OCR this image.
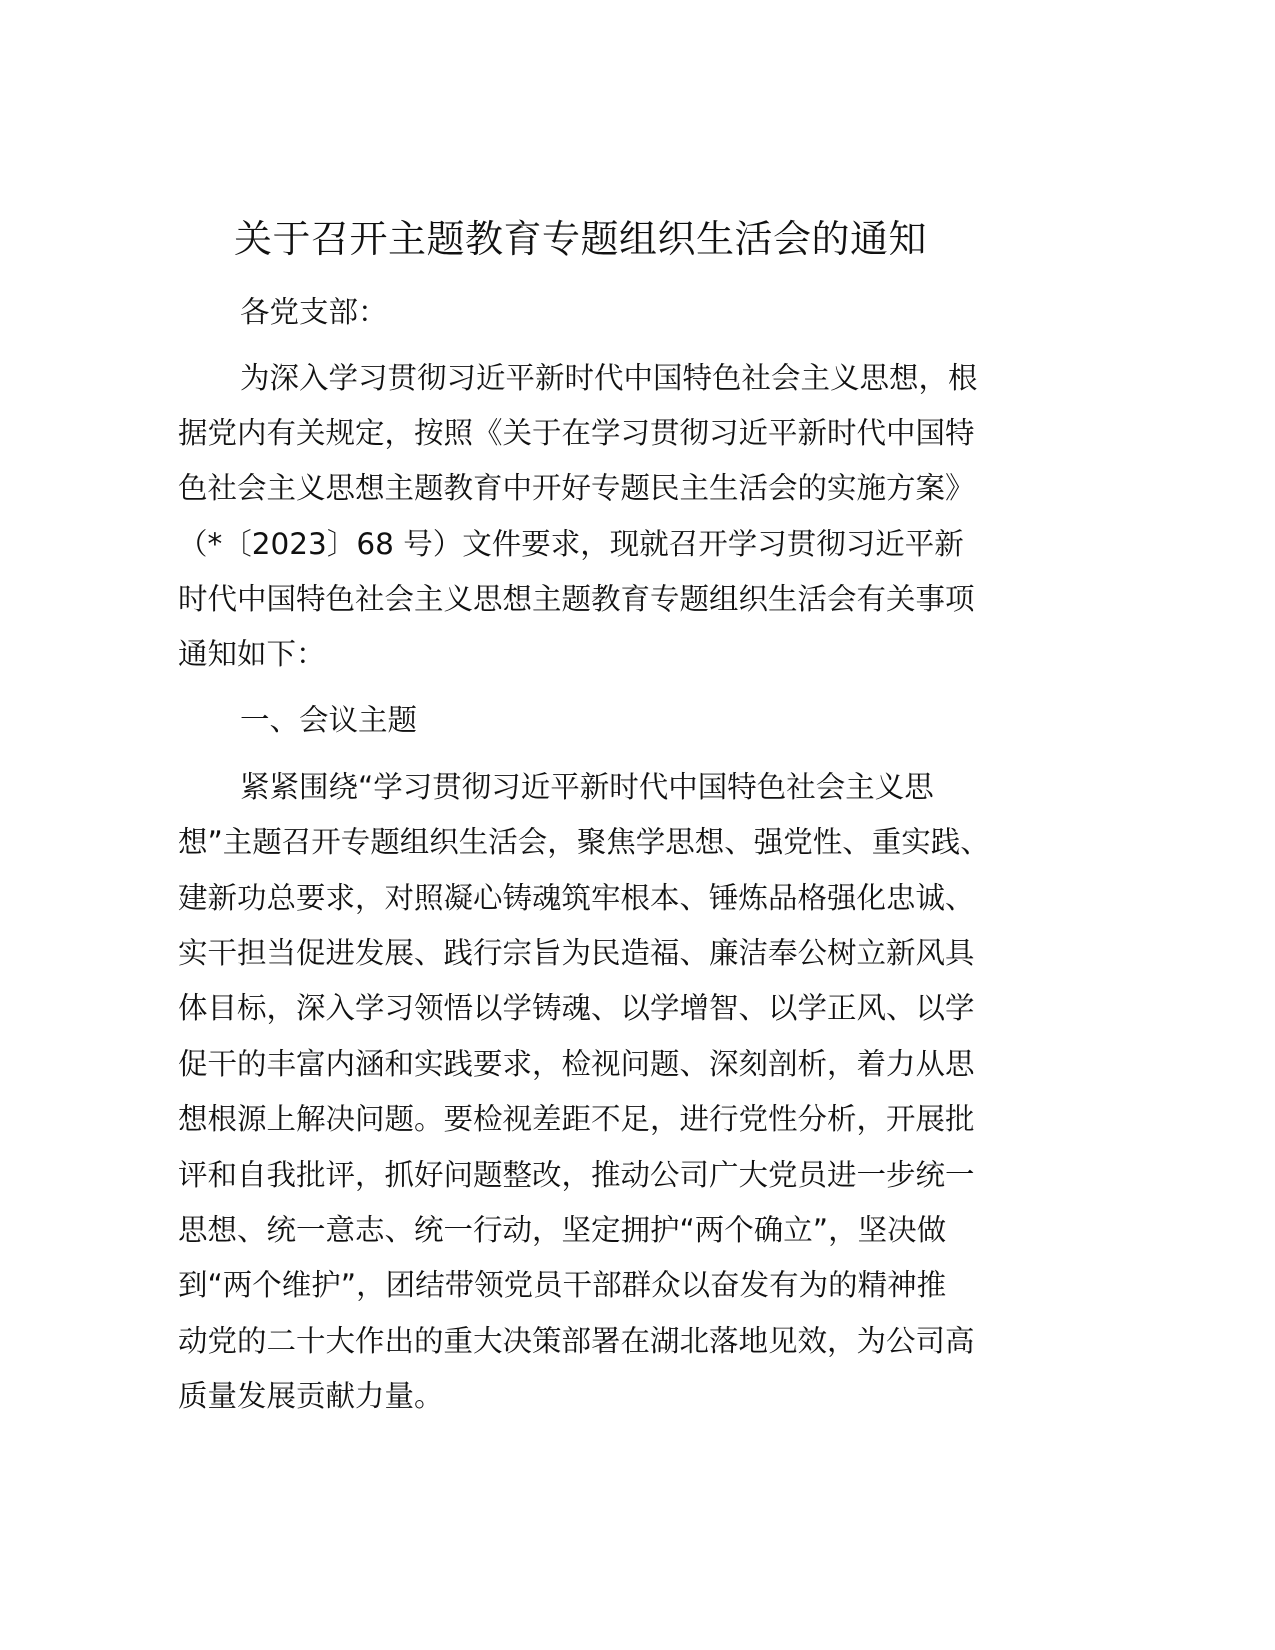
关于召开主题教育专题组织生活会的通知
各党支部：
为深入学习贯彻习近平新时代中国特色社会主义思想，根
据党内有关规定，按照《关于在学习贯彻习近平新时代中国特
色社会主义思想主题教育中开好专题民主生活会的实施方案》
（*〔2023〕68 号）文件要求，现就召开学习贯彻习近平新
时代中国特色社会主义思想主题教育专题组织生活会有关事项
通知如下：
一、会议主题
紧紧围绕“学习贯彻习近平新时代中国特色社会主义思
想”主题召开专题组织生活会，聚焦学思想、强党性、重实践、
建新功总要求，对照凝心铸魂筑牢根本、锤炼品格强化忠诚、
实干担当促进发展、践行宗旨为民造福、廉洁奉公树立新风具
体目标，深入学习领悟以学铸魂、以学增智、以学正风、以学
促干的丰富内涵和实践要求，检视问题、深刻剖析，着力从思
想根源上解决问题。要检视差距不足，进行党性分析，开展批
评和自我批评，抓好问题整改，推动公司广大党员进一步统一
思想、统一意志、统一行动，坚定拥护“两个确立”，坚决做
到“两个维护”，团结带领党员干部群众以奋发有为的精神推
动党的二十大作出的重大决策部署在湖北落地见效，为公司高
质量发展贡献力量。
